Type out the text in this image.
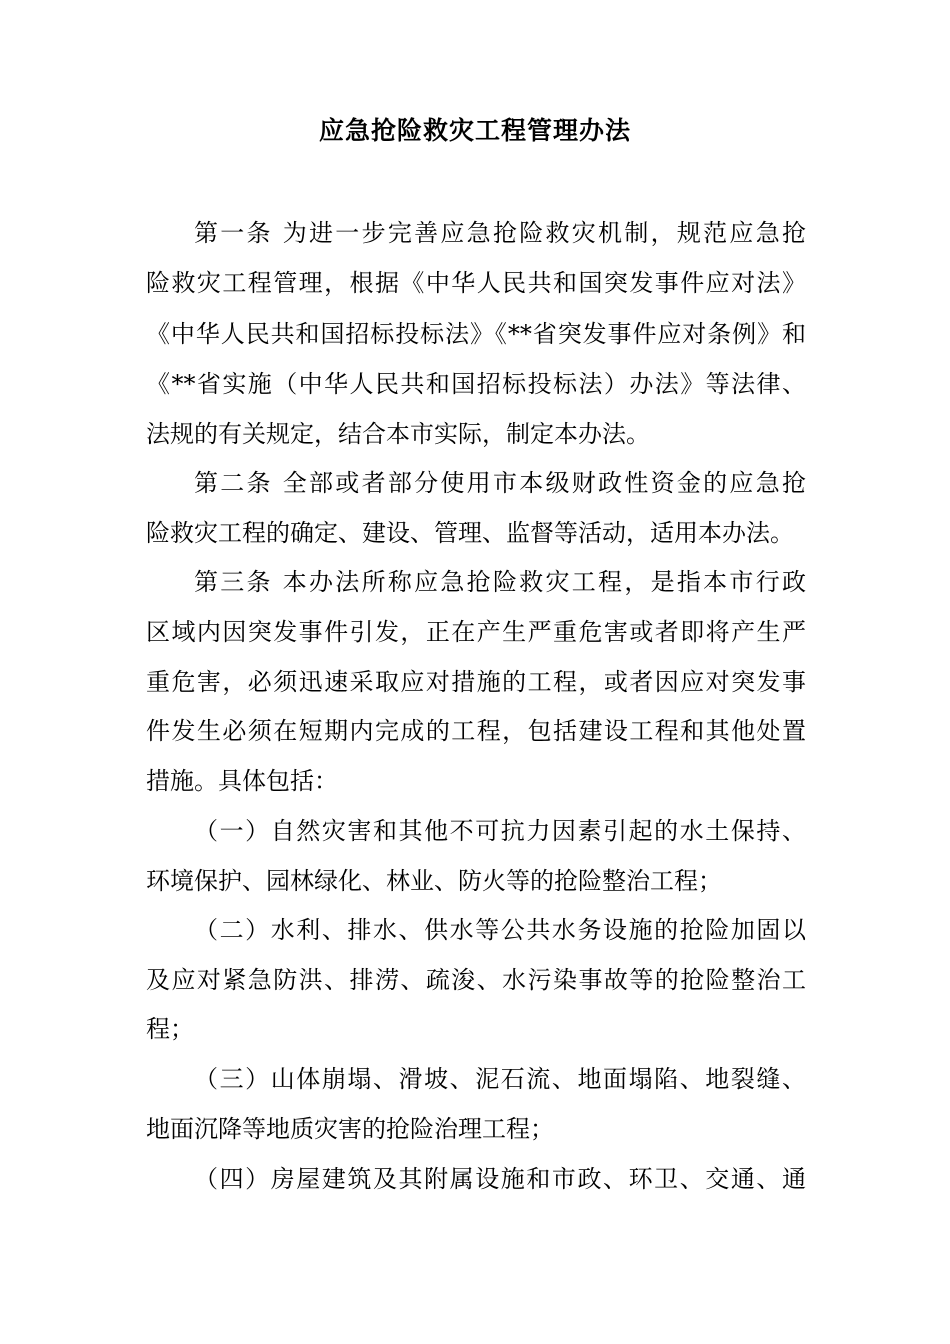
应急抢险救灾工程管理办法
第一条 为进一步完善应急抢险救灾机制，规范应急抢
险救灾工程管理，根据《中华人民共和国突发事件应对法》
《中华人民共和国招标投标法》《**省突发事件应对条例》和
《**省实施（中华人民共和国招标投标法）办法》等法律、
法规的有关规定，结合本市实际，制定本办法。
第二条 全部或者部分使用市本级财政性资金的应急抢
险救灾工程的确定、建设、管理、监督等活动，适用本办法。
第三条 本办法所称应急抢险救灾工程，是指本市行政
区域内因突发事件引发，正在产生严重危害或者即将产生严
重危害，必须迅速采取应对措施的工程，或者因应对突发事
件发生必须在短期内完成的工程，包括建设工程和其他处置
措施。具体包括：
（一）自然灾害和其他不可抗力因素引起的水土保持、
环境保护、园林绿化、林业、防火等的抢险整治工程；
（二）水利、排水、供水等公共水务设施的抢险加固以
及应对紧急防洪、排涝、疏浚、水污染事故等的抢险整治工
程；
（三）山体崩塌、滑坡、泥石流、地面塌陷、地裂缝、
地面沉降等地质灾害的抢险治理工程；
（四）房屋建筑及其附属设施和市政、环卫、交通、通
